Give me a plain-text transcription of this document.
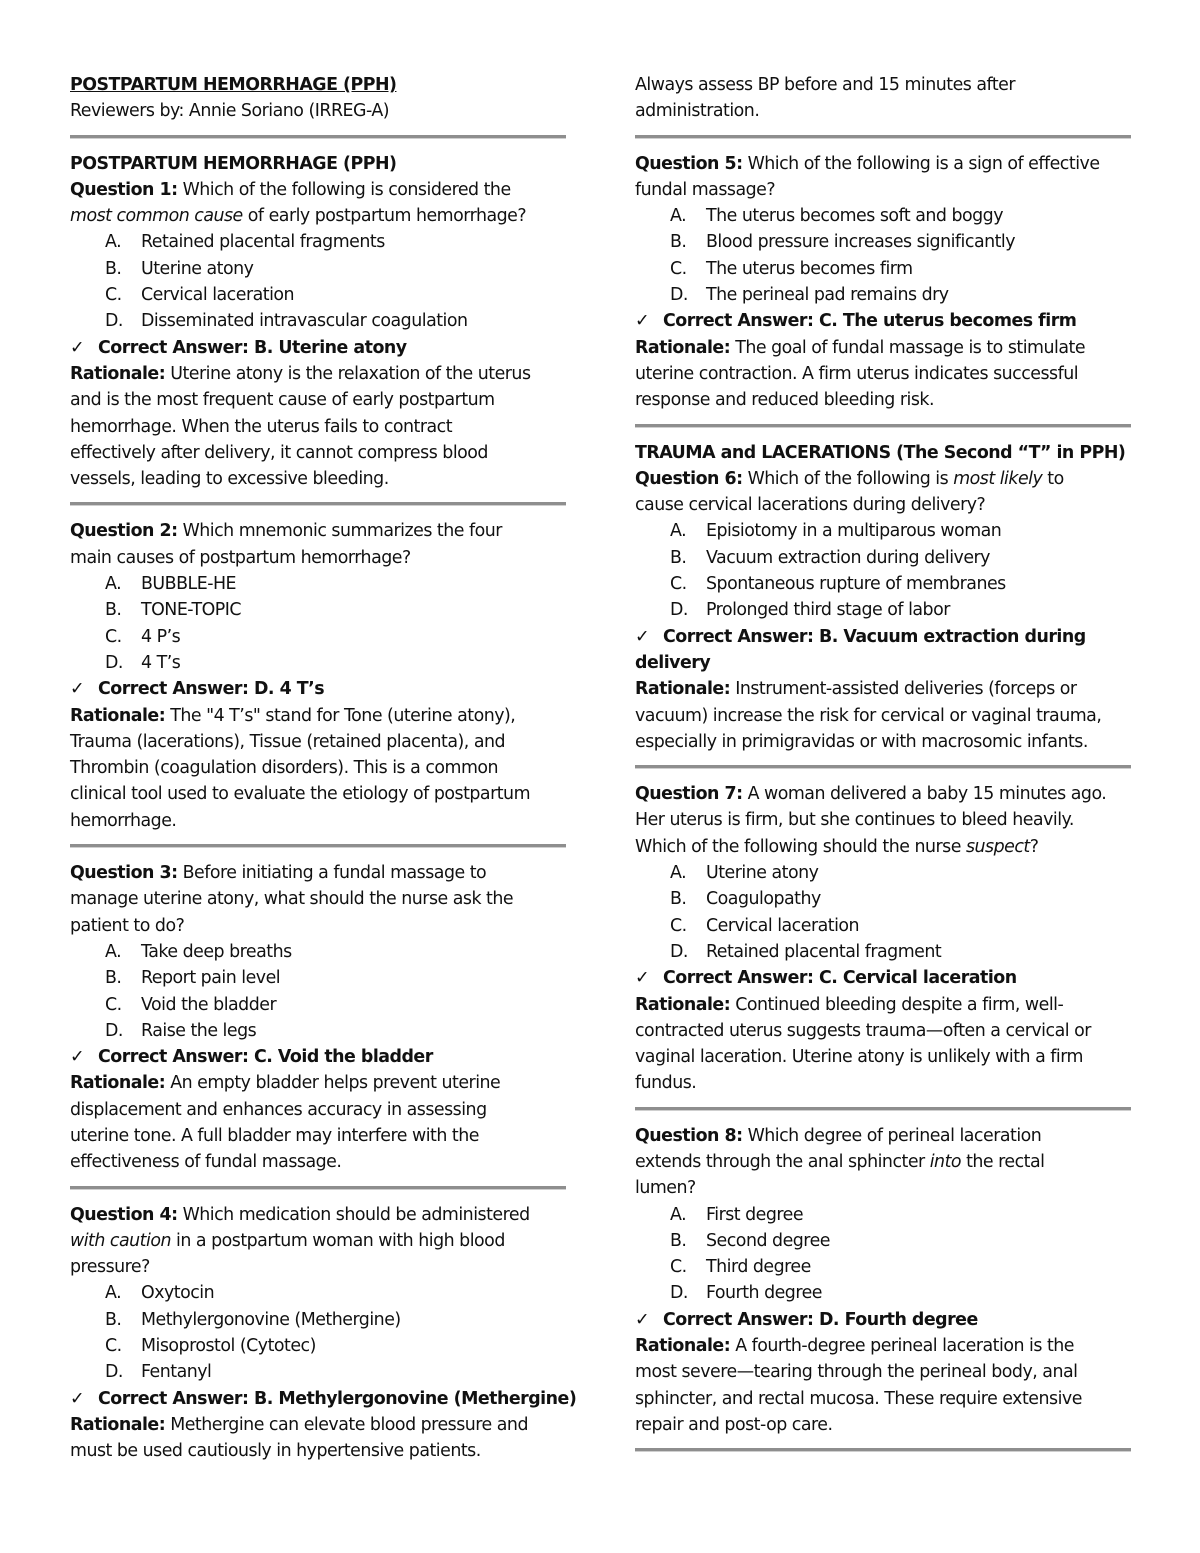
POSTPARTUM HEMORRHAGE (PPH)
Reviewers by: Annie Soriano (IRREG-A)
POSTPARTUM HEMORRHAGE (PPH)
Question 1: Which of the following is considered the
most common cause of early postpartum hemorrhage?
A. Retained placental fragments
B. Uterine atony
C. Cervical laceration
D. Disseminated intravascular coagulation
✓ Correct Answer: B. Uterine atony
Rationale: Uterine atony is the relaxation of the uterus
and is the most frequent cause of early postpartum
hemorrhage. When the uterus fails to contract
effectively after delivery, it cannot compress blood
vessels, leading to excessive bleeding.
Question 2: Which mnemonic summarizes the four
main causes of postpartum hemorrhage?
A. BUBBLE-HE
B. TONE-TOPIC
C. 4 P’s
D. 4 T’s
✓ Correct Answer: D. 4 T’s
Rationale: The "4 T’s" stand for Tone (uterine atony),
Trauma (lacerations), Tissue (retained placenta), and
Thrombin (coagulation disorders). This is a common
clinical tool used to evaluate the etiology of postpartum
hemorrhage.
Question 3: Before initiating a fundal massage to
manage uterine atony, what should the nurse ask the
patient to do?
A. Take deep breaths
B. Report pain level
C. Void the bladder
D. Raise the legs
✓ Correct Answer: C. Void the bladder
Rationale: An empty bladder helps prevent uterine
displacement and enhances accuracy in assessing
uterine tone. A full bladder may interfere with the
effectiveness of fundal massage.
Question 4: Which medication should be administered
with caution in a postpartum woman with high blood
pressure?
A. Oxytocin
B. Methylergonovine (Methergine)
C. Misoprostol (Cytotec)
D. Fentanyl
✓ Correct Answer: B. Methylergonovine (Methergine)
Rationale: Methergine can elevate blood pressure and
must be used cautiously in hypertensive patients.
Always assess BP before and 15 minutes after
administration.
Question 5: Which of the following is a sign of effective
fundal massage?
A. The uterus becomes soft and boggy
B. Blood pressure increases significantly
C. The uterus becomes firm
D. The perineal pad remains dry
✓ Correct Answer: C. The uterus becomes firm
Rationale: The goal of fundal massage is to stimulate
uterine contraction. A firm uterus indicates successful
response and reduced bleeding risk.
TRAUMA and LACERATIONS (The Second “T” in PPH)
Question 6: Which of the following is most likely to
cause cervical lacerations during delivery?
A. Episiotomy in a multiparous woman
B. Vacuum extraction during delivery
C. Spontaneous rupture of membranes
D. Prolonged third stage of labor
✓ Correct Answer: B. Vacuum extraction during
delivery
Rationale: Instrument-assisted deliveries (forceps or
vacuum) increase the risk for cervical or vaginal trauma,
especially in primigravidas or with macrosomic infants.
Question 7: A woman delivered a baby 15 minutes ago.
Her uterus is firm, but she continues to bleed heavily.
Which of the following should the nurse suspect?
A. Uterine atony
B. Coagulopathy
C. Cervical laceration
D. Retained placental fragment
✓ Correct Answer: C. Cervical laceration
Rationale: Continued bleeding despite a firm, well-
contracted uterus suggests trauma—often a cervical or
vaginal laceration. Uterine atony is unlikely with a firm
fundus.
Question 8: Which degree of perineal laceration
extends through the anal sphincter into the rectal
lumen?
A. First degree
B. Second degree
C. Third degree
D. Fourth degree
✓ Correct Answer: D. Fourth degree
Rationale: A fourth-degree perineal laceration is the
most severe—tearing through the perineal body, anal
sphincter, and rectal mucosa. These require extensive
repair and post-op care.
